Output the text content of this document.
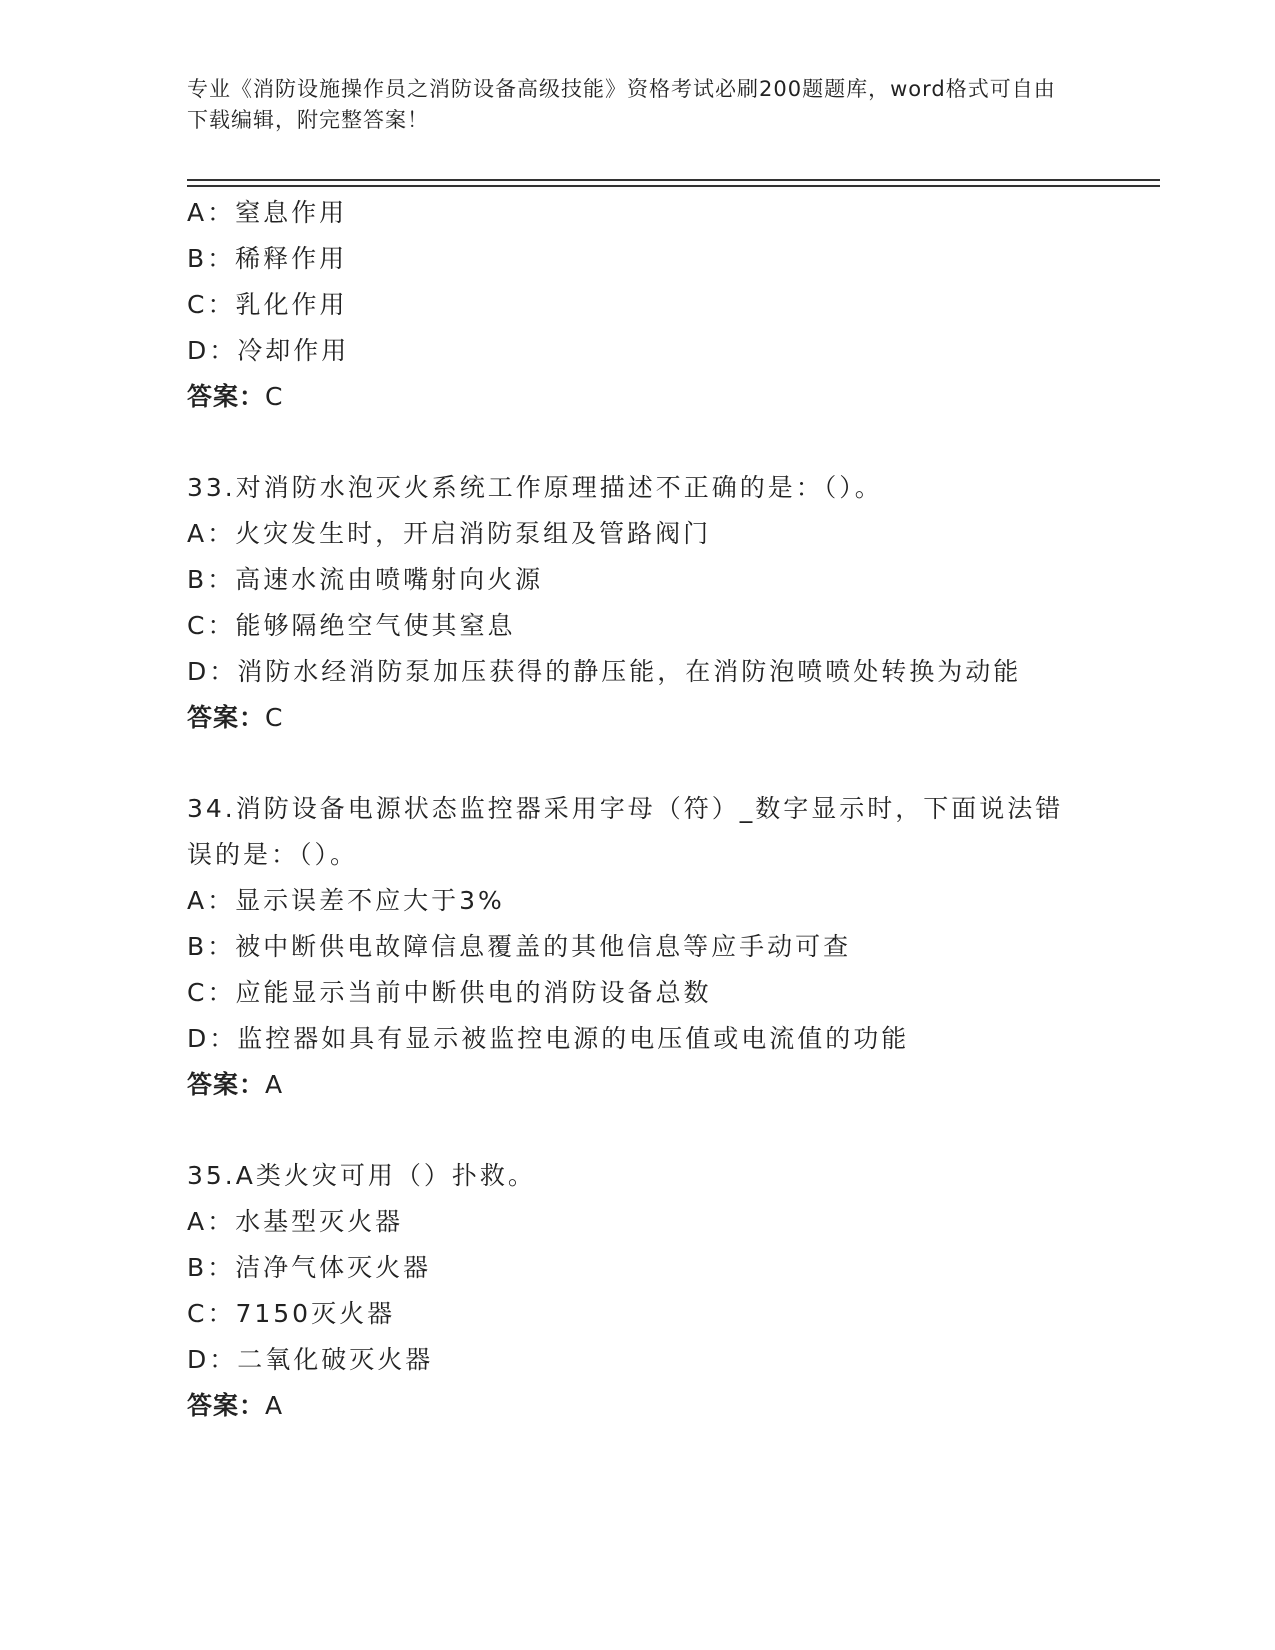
专业《消防设施操作员之消防设备高级技能》资格考试必刷200题题库，word格式可自由下载编辑，附完整答案！
A：窒息作用
B：稀释作用
C：乳化作用
D：冷却作用
答案：C
33.对消防水泡灭火系统工作原理描述不正确的是：（）。
A：火灾发生时，开启消防泵组及管路阀门
B：高速水流由喷嘴射向火源
C：能够隔绝空气使其窒息
D：消防水经消防泵加压获得的静压能，在消防泡喷喷处转换为动能
答案：C
34.消防设备电源状态监控器采用字母（符）_数字显示时，下面说法错误的是：（）。
A：显示误差不应大于3%
B：被中断供电故障信息覆盖的其他信息等应手动可查
C：应能显示当前中断供电的消防设备总数
D：监控器如具有显示被监控电源的电压值或电流值的功能
答案：A
35.A类火灾可用（）扑救。
A：水基型灭火器
B：洁净气体灭火器
C：7150灭火器
D：二氧化破灭火器
答案：A
